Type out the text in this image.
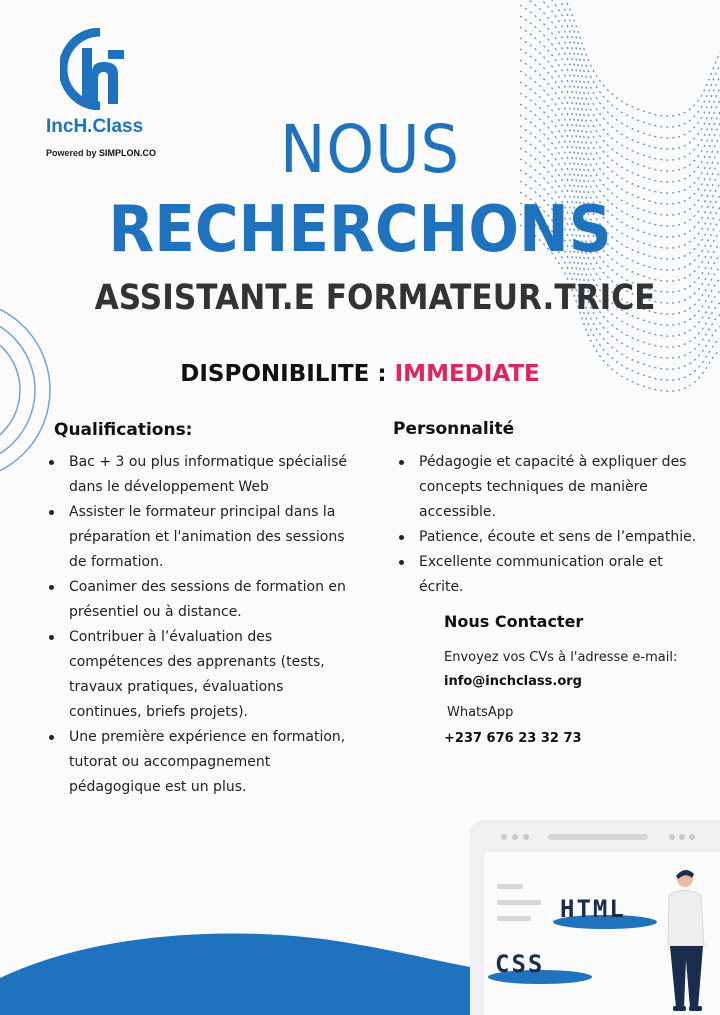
IncH.Class
Powered by SIMPLON.CO	NOUS
RECHERCHONS
ASSISTANT.E FORMATEUR.TRICE
DISPONIBILITE : IMMEDIATE
Qualifications:
Bac + 3 ou plus informatique spécialisé dans le développement Web
Assister le formateur principal dans la préparation et l'animation des sessions de formation.
Coanimer des sessions de formation en présentiel ou à distance.
Contribuer à l’évaluation des compétences des apprenants (tests, travaux pratiques, évaluations continues, briefs projets).
Une première expérience en formation, tutorat ou accompagnement pédagogique est un plus.
Personnalité
Pédagogie et capacité à expliquer des concepts techniques de manière accessible.
Patience, écoute et sens de l’empathie.
Excellente communication orale et écrite.
Nous Contacter
Envoyez vos CVs à l'adresse e-mail:
info@inchclass.org
WhatsApp
+237 676 23 32 73
HTML
CSS
